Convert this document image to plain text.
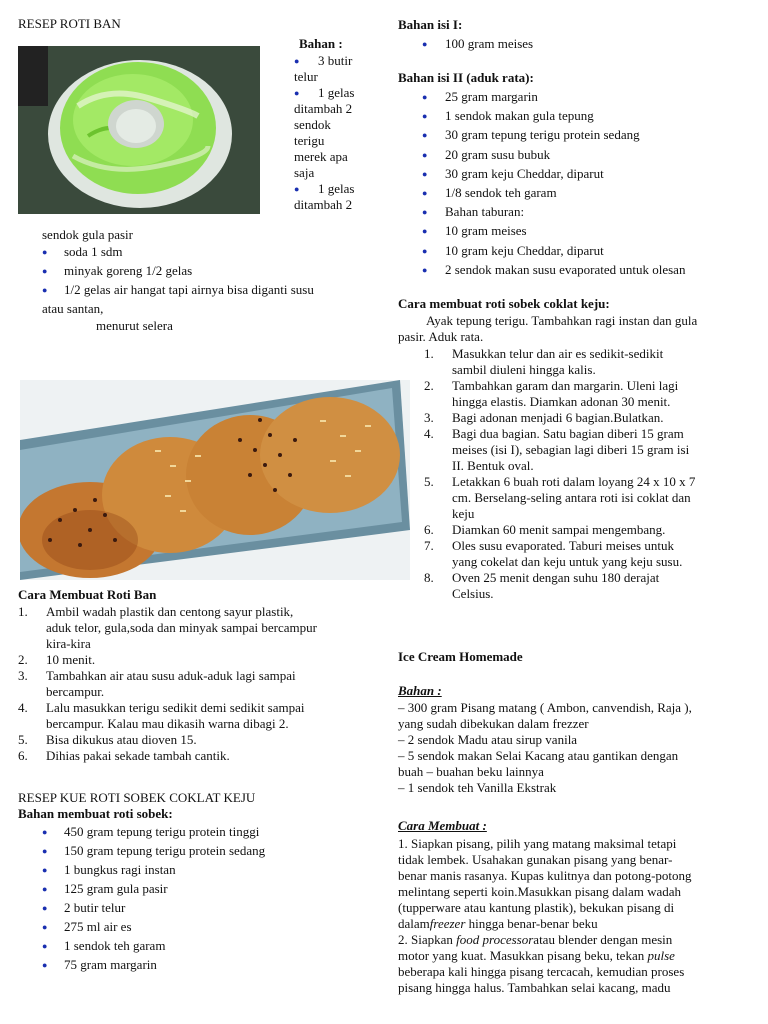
RESEP ROTI BAN
Bahan :
●	3 butir
telur
●	1 gelas
ditambah 2
sendok
terigu
merek apa
saja
●	1 gelas
ditambah 2
sendok gula pasir
● soda 1 sdm
● minyak goreng 1/2 gelas
● 1/2 gelas air hangat tapi airnya bisa diganti susu
atau santan,
menurut selera
Cara Membuat Roti Ban
1. Ambil wadah plastik dan centong sayur plastik,
aduk telor, gula,soda dan minyak sampai bercampur
kira-kira
2. 10 menit.
3. Tambahkan air atau susu aduk-aduk lagi sampai
bercampur.
4. Lalu masukkan terigu sedikit demi sedikit sampai
bercampur. Kalau mau dikasih warna dibagi 2.
5. Bisa dikukus atau dioven 15.
6. Dihias pakai sekade tambah cantik.
RESEP KUE ROTI SOBEK COKLAT KEJU
Bahan membuat roti sobek:
● 450 gram tepung terigu protein tinggi
● 150 gram tepung terigu protein sedang
● 1 bungkus ragi instan
● 125 gram gula pasir
● 2 butir telur
● 275 ml air es
● 1 sendok teh garam
● 75 gram margarin
Bahan isi I:
● 100 gram meises
Bahan isi II (aduk rata):
● 25 gram margarin
● 1 sendok makan gula tepung
● 30 gram tepung terigu protein sedang
● 20 gram susu bubuk
● 30 gram keju Cheddar, diparut
● 1/8 sendok teh garam
● Bahan taburan:
● 10 gram meises
● 10 gram keju Cheddar, diparut
● 2 sendok makan susu evaporated untuk olesan
Cara membuat roti sobek coklat keju:
Ayak tepung terigu. Tambahkan ragi instan dan gula
pasir. Aduk rata.
1. Masukkan telur dan air es sedikit-sedikit
sambil diuleni hingga kalis.
2. Tambahkan garam dan margarin. Uleni lagi
hingga elastis. Diamkan adonan 30 menit.
3. Bagi adonan menjadi 6 bagian.Bulatkan.
4. Bagi dua bagian. Satu bagian diberi 15 gram
meises (isi I), sebagian lagi diberi 15 gram isi
II. Bentuk oval.
5. Letakkan 6 buah roti dalam loyang 24 x 10 x 7
cm. Berselang-seling antara roti isi coklat dan
keju
6. Diamkan 60 menit sampai mengembang.
7. Oles susu evaporated. Taburi meises untuk
yang cokelat dan keju untuk yang keju susu.
8. Oven 25 menit dengan suhu 180 derajat
Celsius.
Ice Cream Homemade
Bahan :
– 300 gram Pisang matang ( Ambon, canvendish, Raja ),
yang sudah dibekukan dalam frezzer
– 2 sendok Madu atau sirup vanila
– 5 sendok makan Selai Kacang atau gantikan dengan
buah – buahan beku lainnya
– 1 sendok teh Vanilla Ekstrak
Cara Membuat :
1. Siapkan pisang, pilih yang matang maksimal tetapi
tidak lembek. Usahakan gunakan pisang yang benar-
benar manis rasanya. Kupas kulitnya dan potong-potong
melintang seperti koin.Masukkan pisang dalam wadah
(tupperware atau kantung plastik), bekukan pisang di
dalamfreezer hingga benar-benar beku
2. Siapkan food processoratau blender dengan mesin
motor yang kuat. Masukkan pisang beku, tekan pulse
beberapa kali hingga pisang tercacah, kemudian proses
pisang hingga halus. Tambahkan selai kacang, madu
